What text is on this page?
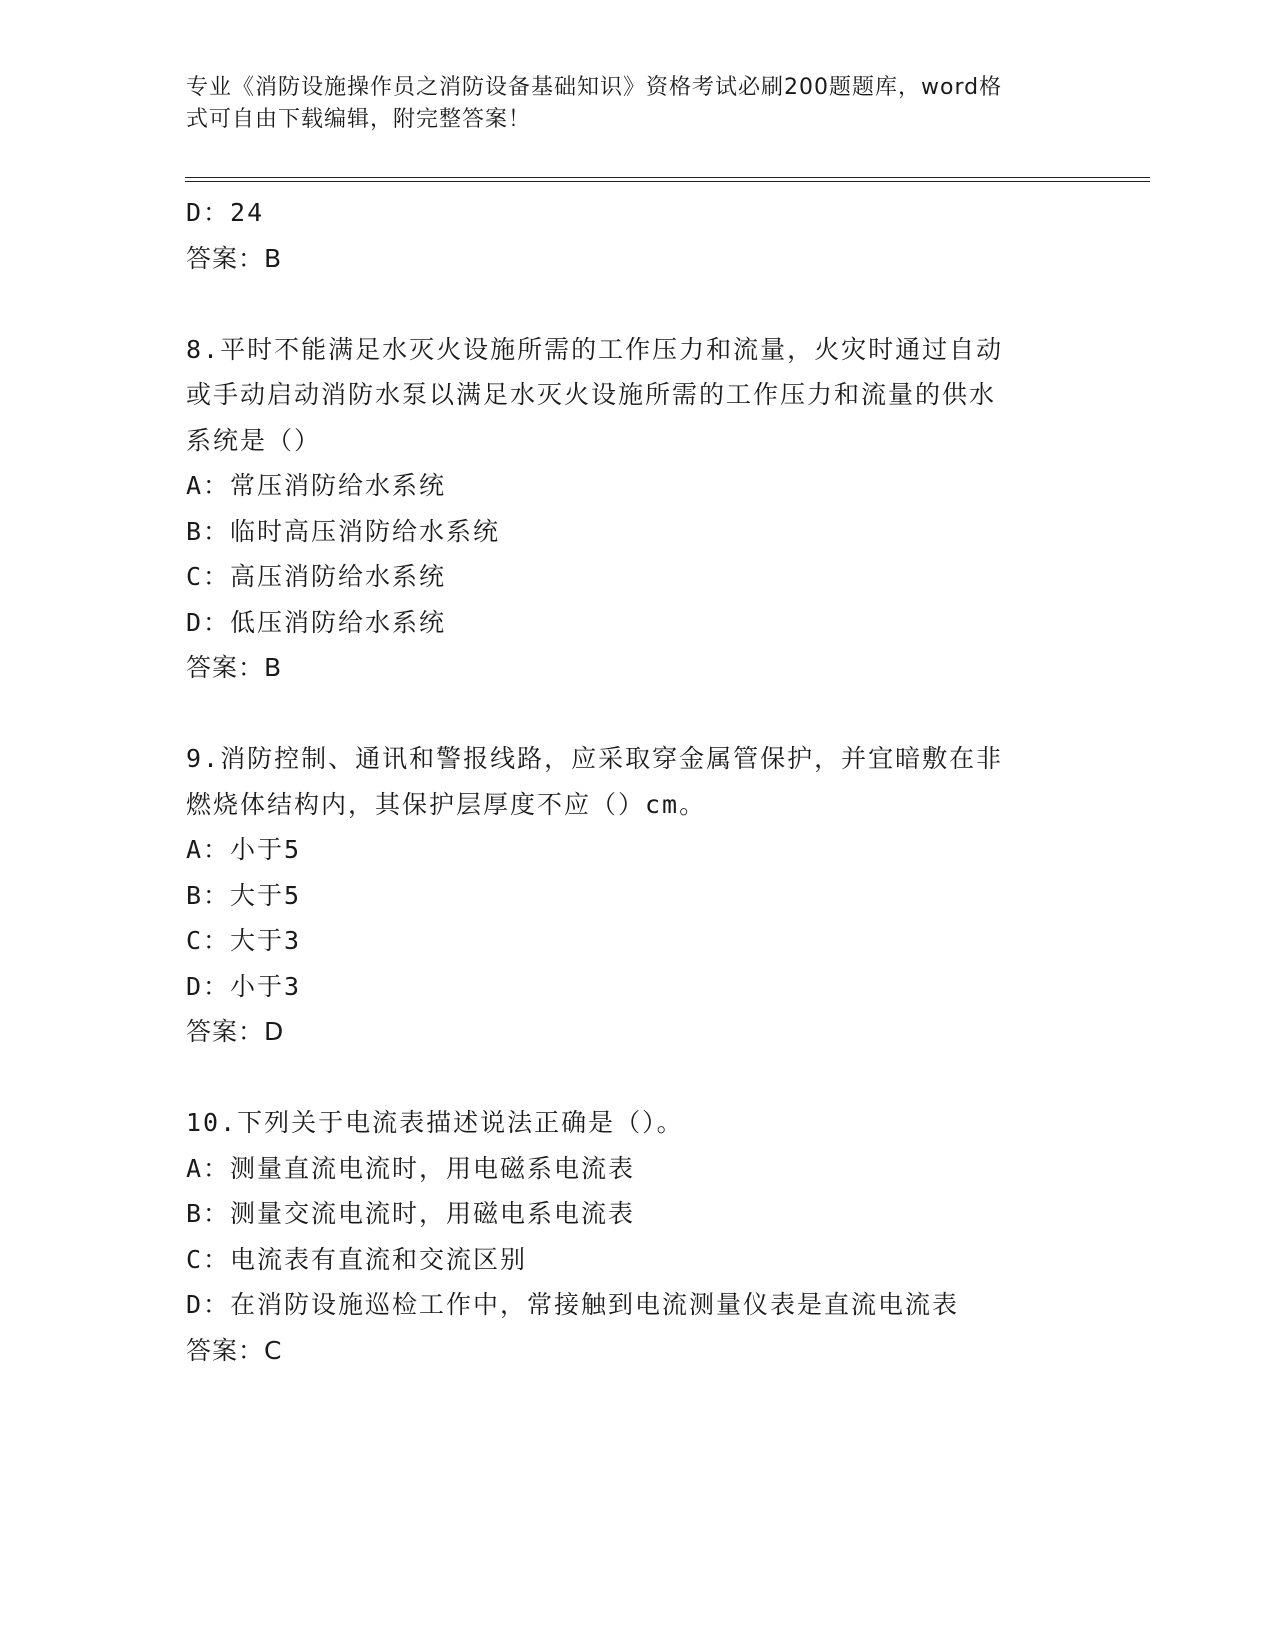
专业《消防设施操作员之消防设备基础知识》资格考试必刷200题题库，word格
式可自由下载编辑，附完整答案！
D：24
答案：B
8.平时不能满足水灭火设施所需的工作压力和流量，火灾时通过自动
或手动启动消防水泵以满足水灭火设施所需的工作压力和流量的供水
系统是（）
A：常压消防给水系统
B：临时高压消防给水系统
C：高压消防给水系统
D：低压消防给水系统
答案：B
9.消防控制、通讯和警报线路，应采取穿金属管保护，并宜暗敷在非
燃烧体结构内，其保护层厚度不应（）cm。
A：小于5
B：大于5
C：大于3
D：小于3
答案：D
10.下列关于电流表描述说法正确是（）。
A：测量直流电流时，用电磁系电流表
B：测量交流电流时，用磁电系电流表
C：电流表有直流和交流区别
D：在消防设施巡检工作中，常接触到电流测量仪表是直流电流表
答案：C
